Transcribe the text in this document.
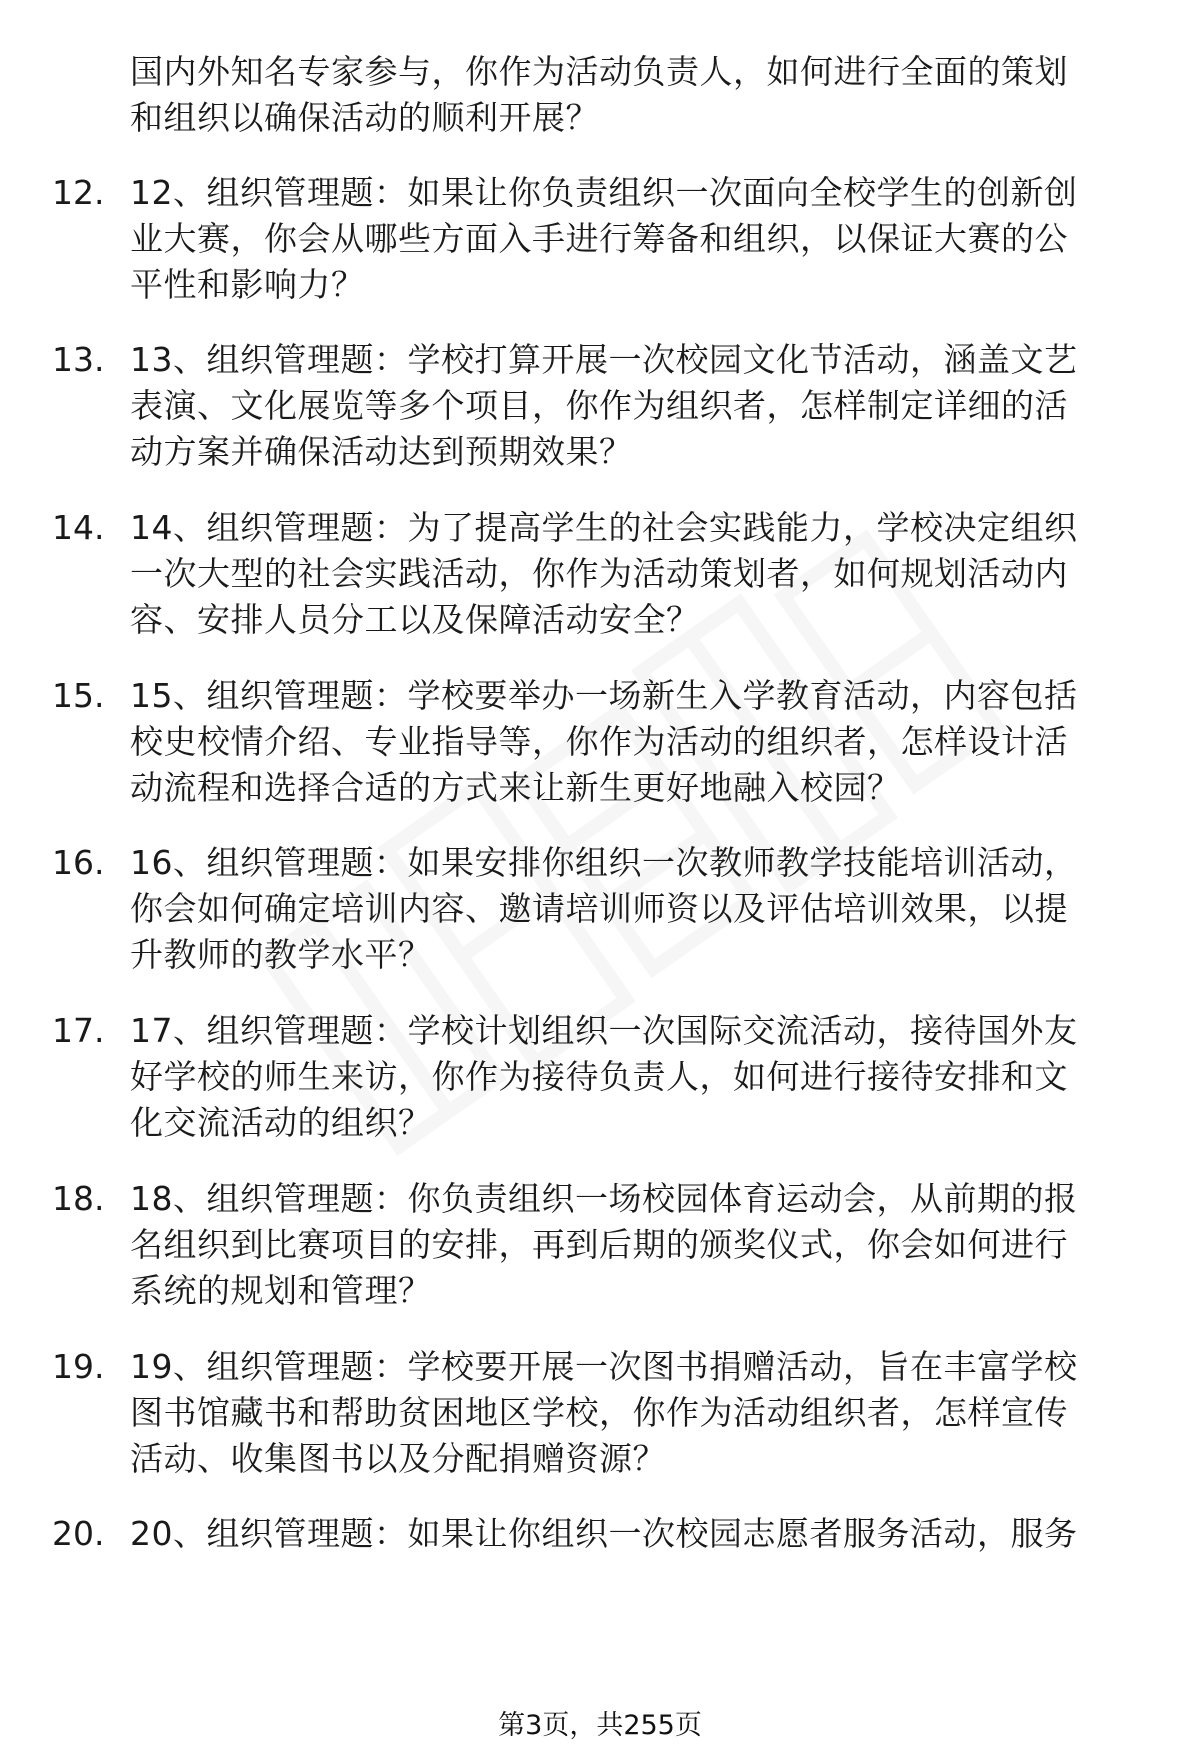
国内外知名专家参与，你作为活动负责人，如何进行全面的策划

和组织以确保活动的顺利开展？

12. 12、组织管理题：如果让你负责组织一次面向全校学生的创新创

业大赛，你会从哪些方面入手进行筹备和组织，以保证大赛的公

平性和影响力？

13. 13、组织管理题：学校打算开展一次校园文化节活动，涵盖文艺

表演、文化展览等多个项目，你作为组织者，怎样制定详细的活

动方案并确保活动达到预期效果？

14. 14、组织管理题：为了提高学生的社会实践能力，学校决定组织

一次大型的社会实践活动，你作为活动策划者，如何规划活动内

容、安排人员分工以及保障活动安全？

15. 15、组织管理题：学校要举办一场新生入学教育活动，内容包括

校史校情介绍、专业指导等，你作为活动的组织者，怎样设计活

动流程和选择合适的方式来让新生更好地融入校园？

16. 16、组织管理题：如果安排你组织一次教师教学技能培训活动，

你会如何确定培训内容、邀请培训师资以及评估培训效果，以提

升教师的教学水平？

17. 17、组织管理题：学校计划组织一次国际交流活动，接待国外友

好学校的师生来访，你作为接待负责人，如何进行接待安排和文

化交流活动的组织？

18. 18、组织管理题：你负责组织一场校园体育运动会，从前期的报

名组织到比赛项目的安排，再到后期的颁奖仪式，你会如何进行

系统的规划和管理？

19. 19、组织管理题：学校要开展一次图书捐赠活动，旨在丰富学校

图书馆藏书和帮助贫困地区学校，你作为活动组织者，怎样宣传

活动、收集图书以及分配捐赠资源？

20. 20、组织管理题：如果让你组织一次校园志愿者服务活动，服务

第3页，共255页
